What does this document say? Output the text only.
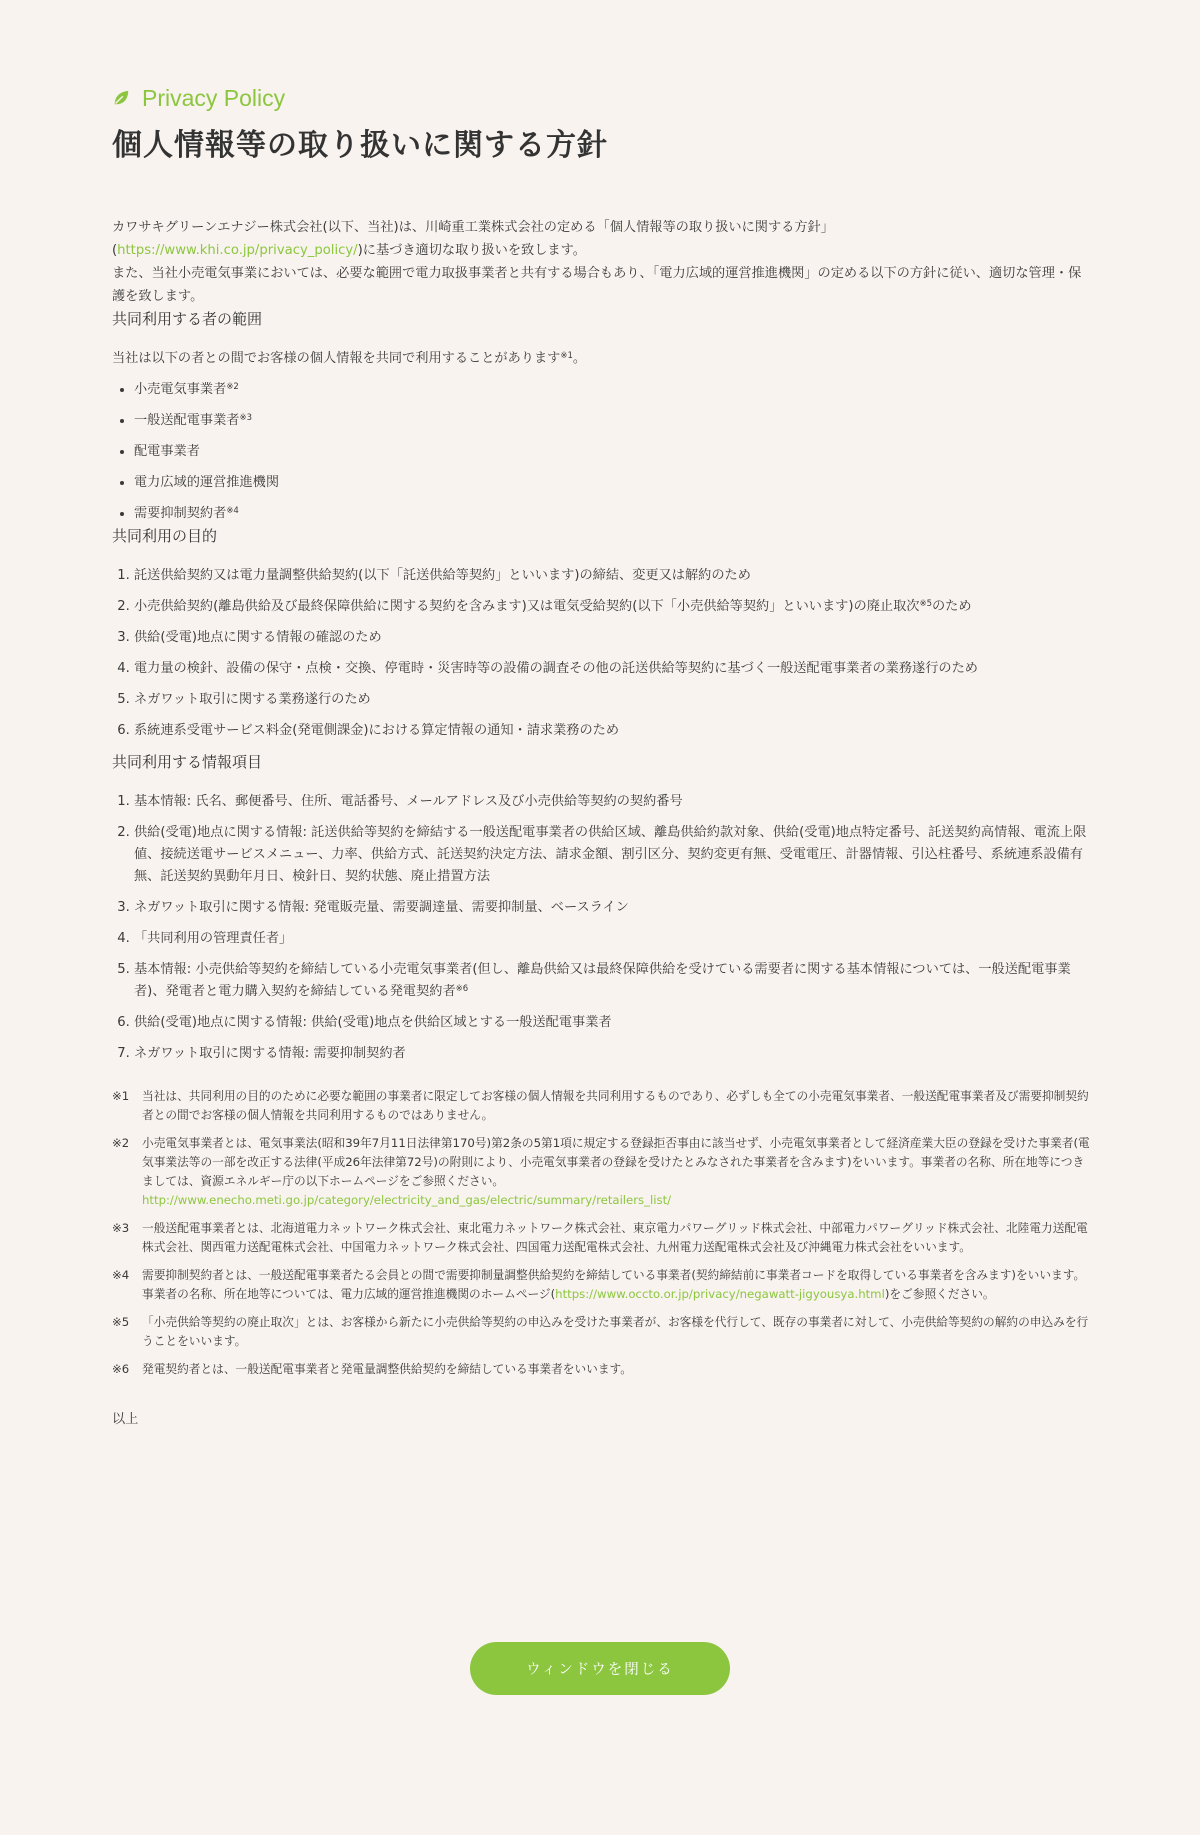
Privacy Policy
個人情報等の取り扱いに関する方針

カワサキグリーンエナジー株式会社(以下、当社)は、川崎重工業株式会社の定める「個人情報等の取り扱いに関する方針」

(https://www.khi.co.jp/privacy_policy/)に基づき適切な取り扱いを致します。

また、当社小売電気事業においては、必要な範囲で電力取扱事業者と共有する場合もあり、「電力広域的運営推進機関」の定める以下の方針に従い、適切な管理・保護を致します。

共同利用する者の範囲

当社は以下の者との間でお客様の個人情報を共同で利用することがあります$^{※1}$。

• 小売電気事業者$^{※2}$
• 一般送配電事業者$^{※3}$
• 配電事業者
• 電力広域的運営推進機関
• 需要抑制契約者$^{※4}$
共同利用の目的
1. 託送供給契約又は電力量調整供給契約(以下「託送供給等契約」といいます)の締結、変更又は解約のため
2. 小売供給契約(離島供給及び最終保障供給に関する契約を含みます)又は電気受給契約(以下「小売供給等契約」といいます)の廃止取次$^{※5}$のため
3. 供給(受電)地点に関する情報の確認のため
4. 電力量の検針、設備の保守・点検・交換、停電時・災害時等の設備の調査その他の託送供給等契約に基づく一般送配電事業者の業務遂行のため
5. ネガワット取引に関する業務遂行のため
6. 系統連系受電サービス料金(発電側課金)における算定情報の通知・請求業務のため
共同利用する情報項目
1. 基本情報: 氏名、郵便番号、住所、電話番号、メールアドレス及び小売供給等契約の契約番号
2. 供給(受電)地点に関する情報: 託送供給等契約を締結する一般送配電事業者の供給区域、離島供給約款対象、供給(受電)地点特定番号、託送契約高情報、電流上限値、接続送電サービスメニュー、力率、供給方式、託送契約決定方法、請求金額、割引区分、契約変更有無、受電電圧、計器情報、引込柱番号、系統連系設備有無、託送契約異動年月日、検針日、契約状態、廃止措置方法
3. ネガワット取引に関する情報: 発電販売量、需要調達量、需要抑制量、ベースライン
4. 「共同利用の管理責任者」
5. 基本情報: 小売供給等契約を締結している小売電気事業者(但し、離島供給又は最終保障供給を受けている需要者に関する基本情報については、一般送配電事業者)、発電者と電力購入契約を締結している発電契約者$^{※6}$
6. 供給(受電)地点に関する情報: 供給(受電)地点を供給区域とする一般送配電事業者
7. ネガワット取引に関する情報: 需要抑制契約者
※1	当社は、共同利用の目的のために必要な範囲の事業者に限定してお客様の個人情報を共同利用するものであり、必ずしも全ての小売電気事業者、一般送配電事業者及び需要抑制契約者との間でお客様の個人情報を共同利用するものではありません。
※2	小売電気事業者とは、電気事業法(昭和39年7月11日法律第170号)第2条の5第1項に規定する登録拒否事由に該当せず、小売電気事業者として経済産業大臣の登録を受けた事業者(電気事業法等の一部を改正する法律(平成26年法律第72号)の附則により、小売電気事業者の登録を受けたとみなされた事業者を含みます)をいいます。事業者の名称、所在地等につきましては、資源エネルギー庁の以下ホームページをご参照ください。
http://www.enecho.meti.go.jp/category/electricity_and_gas/electric/summary/retailers_list/
※3	一般送配電事業者とは、北海道電力ネットワーク株式会社、東北電力ネットワーク株式会社、東京電力パワーグリッド株式会社、中部電力パワーグリッド株式会社、北陸電力送配電株式会社、関西電力送配電株式会社、中国電力ネットワーク株式会社、四国電力送配電株式会社、九州電力送配電株式会社及び沖縄電力株式会社をいいます。
※4	需要抑制契約者とは、一般送配電事業者たる会員との間で需要抑制量調整供給契約を締結している事業者(契約締結前に事業者コードを取得している事業者を含みます)をいいます。事業者の名称、所在地等については、電力広域的運営推進機関のホームページ(https://www.occto.or.jp/privacy/negawatt-jigyousya.html)をご参照ください。
※5	「小売供給等契約の廃止取次」とは、お客様から新たに小売供給等契約の申込みを受けた事業者が、お客様を代行して、既存の事業者に対して、小売供給等契約の解約の申込みを行うことをいいます。
※6	発電契約者とは、一般送配電事業者と発電量調整供給契約を締結している事業者をいいます。
以上
ウィンドウを閉じる
